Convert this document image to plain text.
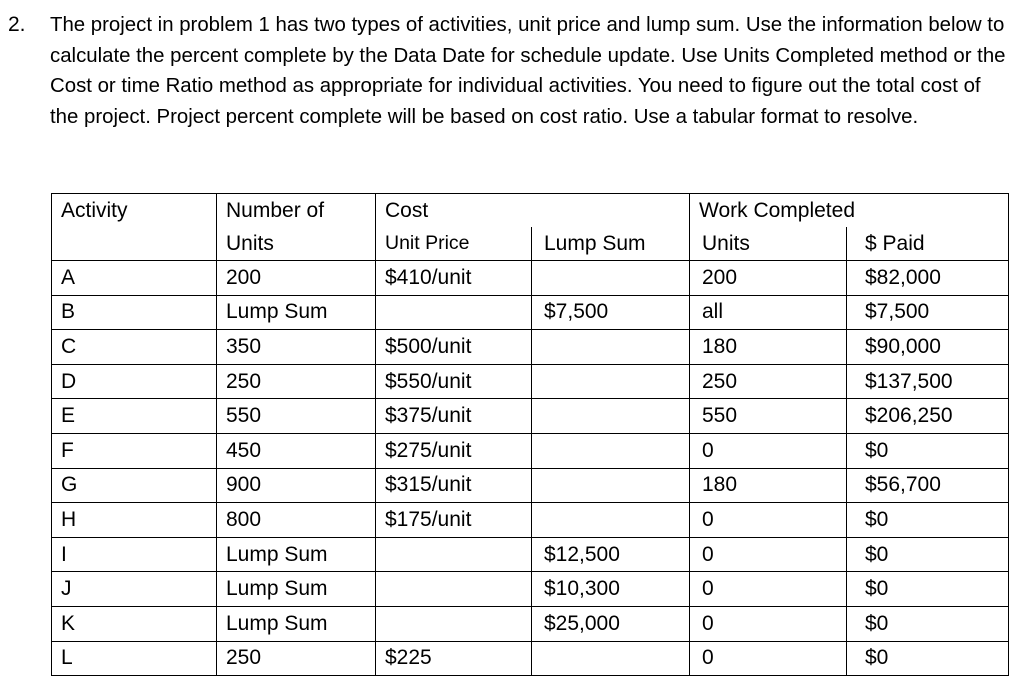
2. The project in problem 1 has two types of activities, unit price and lump sum. Use the information below to calculate the percent complete by the Data Date for schedule update. Use Units Completed method or the Cost or time Ratio method as appropriate for individual activities. You need to figure out the total cost of the project. Project percent complete will be based on cost ratio. Use a tabular format to resolve.
Activity	Number of	Cost		Work Completed	
	Units	Unit Price	Lump Sum	Units	$ Paid
A	200	$410/unit		200	$82,000
B	Lump Sum		$7,500	all	$7,500
C	350	$500/unit		180	$90,000
D	250	$550/unit		250	$137,500
E	550	$375/unit		550	$206,250
F	450	$275/unit		0	$0
G	900	$315/unit		180	$56,700
H	800	$175/unit		0	$0
I	Lump Sum		$12,500	0	$0
J	Lump Sum		$10,300	0	$0
K	Lump Sum		$25,000	0	$0
L	250	$225		0	$0
